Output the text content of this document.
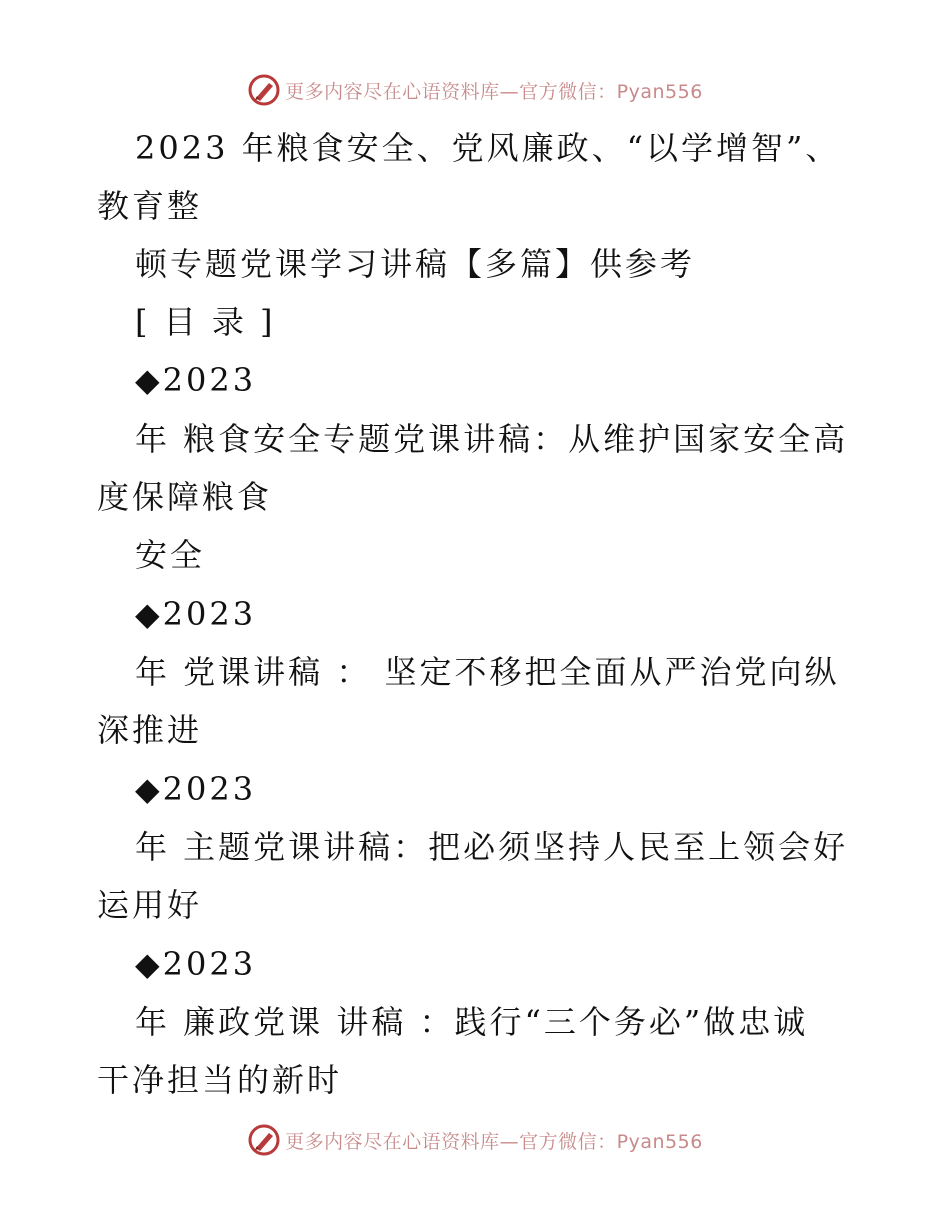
更多内容尽在心语资料库—官方微信：Pyan556
2023 年粮食安全、党风廉政、“以学增智”、
教育整
顿专题党课学习讲稿【多篇】供参考
[ 目 录 ]
◆2023
年 粮食安全专题党课讲稿：从维护国家安全高
度保障粮食
安全
◆2023
年 党课讲稿 ： 坚定不移把全面从严治党向纵
深推进
◆2023
年 主题党课讲稿：把必须坚持人民至上领会好
运用好
◆2023
年 廉政党课 讲稿 ：践行“三个务必”做忠诚
干净担当的新时
更多内容尽在心语资料库—官方微信：Pyan556
